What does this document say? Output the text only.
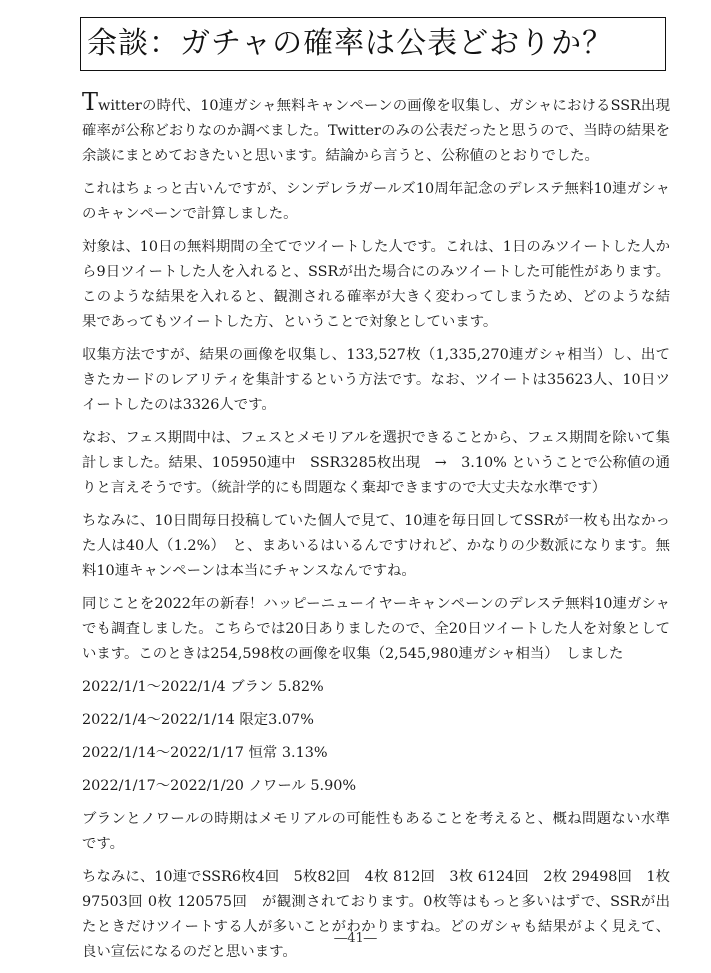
余談：ガチャの確率は公表どおりか？

Twitterの時代、10連ガシャ無料キャンペーンの画像を収集し、ガシャにおけるSSR出現確率が公称どおりなのか調べました。Twitterのみの公表だったと思うので、当時の結果を余談にまとめておきたいと思います。結論から言うと、公称値のとおりでした。

これはちょっと古いんですが、シンデレラガールズ10周年記念のデレステ無料10連ガシャのキャンペーンで計算しました。

対象は、10日の無料期間の全てでツイートした人です。これは、1日のみツイートした人から9日ツイートした人を入れると、SSRが出た場合にのみツイートした可能性があります。このような結果を入れると、観測される確率が大きく変わってしまうため、どのような結果であってもツイートした方、ということで対象としています。

収集方法ですが、結果の画像を収集し、133,527枚（1,335,270連ガシャ相当）し、出てきたカードのレアリティを集計するという方法です。なお、ツイートは35623人、10日ツイートしたのは3326人です。

なお、フェス期間中は、フェスとメモリアルを選択できることから、フェス期間を除いて集計しました。結果、105950連中　SSR3285枚出現　→　3.10% ということで公称値の通りと言えそうです。（統計学的にも問題なく棄却できますので大丈夫な水準です）

ちなみに、10日間毎日投稿していた個人で見て、10連を毎日回してSSRが一枚も出なかった人は40人（1.2%）　と、まあいるはいるんですけれど、かなりの少数派になります。無料10連キャンペーンは本当にチャンスなんですね。

同じことを2022年の新春！ハッピーニューイヤーキャンペーンのデレステ無料10連ガシャ　でも調査しました。こちらでは20日ありましたので、全20日ツイートした人を対象としています。このときは254,598枚の画像を収集（2,545,980連ガシャ相当）　しました

2022/1/1～2022/1/4 ブラン 5.82%

2022/1/4～2022/1/14 限定3.07%

2022/1/14～2022/1/17 恒常 3.13%

2022/1/17～2022/1/20 ノワール 5.90%

ブランとノワールの時期はメモリアルの可能性もあることを考えると、概ね問題ない水準です。

ちなみに、10連でSSR6枚4回　5枚82回　4枚 812回　3枚 6124回　2枚 29498回　1枚 97503回 0枚 120575回　が観測されております。0枚等はもっと多いはずで、SSRが出たときだけツイートする人が多いことがわかりますね。どのガシャも結果がよく見えて、良い宣伝になるのだと思います。

―41―
